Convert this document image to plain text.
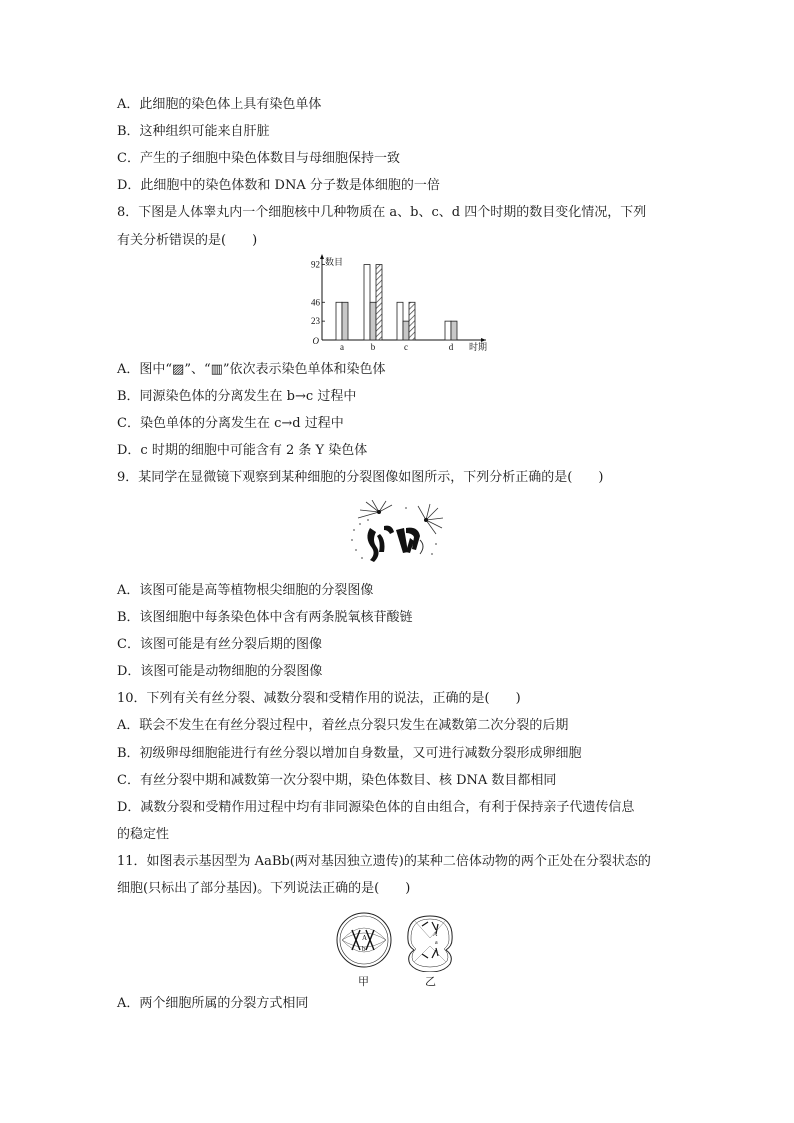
A．此细胞的染色体上具有染色单体
B．这种组织可能来自肝脏
C．产生的子细胞中染色体数目与母细胞保持一致
D．此细胞中的染色体数和 DNA 分子数是体细胞的一倍
8．下图是人体睾丸内一个细胞核中几种物质在 a、b、c、d 四个时期的数目变化情况，下列
有关分析错误的是(　　)
23
46
92
O
数目
时期
a	b	c	d
A．图中“▨”、“▥”依次表示染色单体和染色体
B．同源染色体的分离发生在 b→c 过程中
C．染色单体的分离发生在 c→d 过程中
D．c 时期的细胞中可能含有 2 条 Y 染色体
9．某同学在显微镜下观察到某种细胞的分裂图像如图所示，下列分析正确的是(　　)
A．该图可能是高等植物根尖细胞的分裂图像
B．该图细胞中每条染色体中含有两条脱氧核苷酸链
C．该图可能是有丝分裂后期的图像
D．该图可能是动物细胞的分裂图像
10．下列有关有丝分裂、减数分裂和受精作用的说法，正确的是(　　)
A．联会不发生在有丝分裂过程中，着丝点分裂只发生在减数第二次分裂的后期
B．初级卵母细胞能进行有丝分裂以增加自身数量，又可进行减数分裂形成卵细胞
C．有丝分裂中期和减数第一次分裂中期，染色体数目、核 DNA 数目都相同
D．减数分裂和受精作用过程中均有非同源染色体的自由组合，有利于保持亲子代遗传信息
的稳定性
11．如图表示基因型为 AaBb(两对基因独立遗传)的某种二倍体动物的两个正处在分裂状态的
细胞(只标出了部分基因)。下列说法正确的是(　　)
A
b
A
a
甲	乙
A．两个细胞所属的分裂方式相同
